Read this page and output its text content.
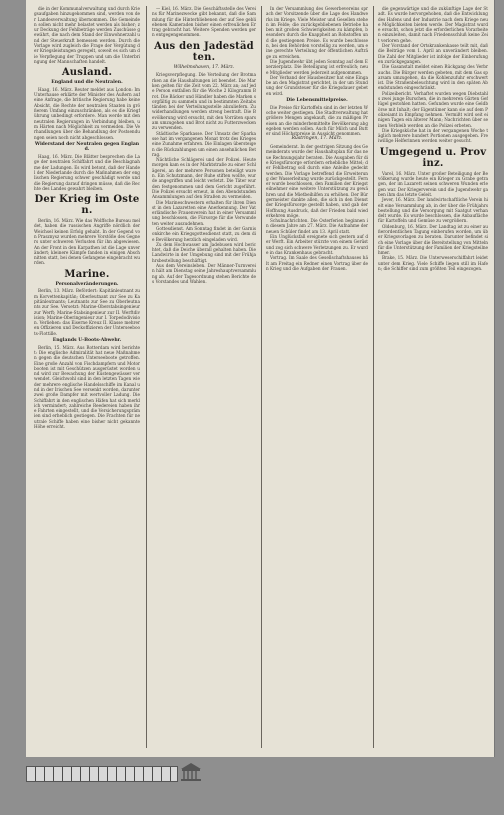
die in der Kommunalverwaltung und durch Kriegsaufgaben hinzugekommen sind, werden von der Landesverwaltung übernommen. Die Gemeinden sollen nicht mehr belastet werden als bisher; zur Deckung der Fehlbeträge werden Zuschüsse gewährt, die nach dem Stand der Einwohnerzahl und der Steuerkraft bemessen werden. Durch die Vorlage wird zugleich die Frage der Vergütung der Kriegsleistungen geregelt, soweit es sich um die Verpflegung der Truppen und um die Unterbringung der Mannschaften handelt.

Ausland.
England und die Neutralen.

Haag, 16. März. Reuter meldet aus London: Im Unterhause erklärte der Minister des Äußern auf eine Anfrage, die britische Regierung habe keine Absicht, die Rechte der neutralen Staaten in größerem Umfang einzuschränken, als es die Kriegführung unbedingt erfordere. Man werde mit den neutralen Regierungen in Verbindung bleiben, um Härten nach Möglichkeit zu vermeiden. Die Verhandlungen über die Behandlung der Postsendungen seien noch nicht abgeschlossen.

Widerstand der Neutralen gegen England.

Haag, 16. März. Die Blätter besprechen die Lage der neutralen Schiffahrt und die Beschlagnahme der Ladungen. Es wird betont, daß der Handel der Niederlande durch die Maßnahmen der englischen Regierung schwer geschädigt werde und die Regierung darauf dringen müsse, daß die Rechte des Landes gewahrt bleiben.

Der Krieg im Osten.

Berlin, 16. März. Wie das Wolffsche Bureau meldet, haben die russischen Angriffe nördlich der Weichsel keinen Erfolg gehabt. In der Gegend von Prasznysz wurden mehrere Vorstöße des Gegners unter schweren Verlusten für ihn abgewiesen. An der Front in den Karpathen ist die Lage unverändert; kleinere Kämpfe fanden in einigen Abschnitten statt, bei denen Gefangene eingebracht wurden.

Marine.
Personalveränderungen.

Berlin, 13. März. Befördert: Kapitänleutnant zum Korvettenkapitän; Oberleutnant zur See zu Kapitänleutnants; Leutnants zur See zu Oberleutnants zur See. Versetzt: Marine-Oberstabsingenieur zur Werft; Marine-Stabsingenieur zur II. Werftdivision; Marine-Oberingenieur zur I. Torpedodivision. Verliehen: das Eiserne Kreuz II. Klasse mehreren Offizieren und Deckoffizieren der Unterseeboots-Flottille.

Englands U-Boots-Abwehr.

Berlin, 15. März. Aus Rotterdam wird berichtet: Die englische Admiralität hat neue Maßnahmen gegen die deutschen Unterseeboote getroffen. Eine große Anzahl von Fischdampfern und Motorbooten ist mit Geschützen ausgerüstet worden und wird zur Bewachung der Küstengewässer verwendet. Gleichwohl sind in den letzten Tagen wieder mehrere englische Handelsschiffe im Kanal und in der Irischen See versenkt worden, darunter zwei große Dampfer mit wertvoller Ladung. Die Schiffahrt in den englischen Häfen hat sich merklich vermindert; zahlreiche Reedereien haben ihre Fahrten eingestellt, und die Versicherungsprämien sind erheblich gestiegen. Die Frachten für neutrale Schiffe haben eine bisher nicht gekannte Höhe erreicht.

— Kiel, 16. März. Die Geschäftsstelle des Vereins für Marinezwecke gibt bekannt, daß die Sammlung für die Hinterbliebenen der auf See gebliebenen Kameraden bisher einen erfreulichen Ertrag gebracht hat. Weitere Spenden werden gern entgegengenommen.

Aus den Jadestädten.
Wilhelmshaven, 17. März.

Kriegsverpflegung. Die Verteilung der Brotmarken an die Haushaltungen ist beendet. Die Marken gelten für die Zeit vom 22. März an; auf jede Person entfallen für die Woche 2 Kilogramm Brot. Die Bäcker und Händler haben die Marken sorgfältig zu sammeln und in bestimmten Zeitabständen bei der Verteilungsstelle abzuliefern. Zuwiderhandlungen werden streng bestraft. Die Bevölkerung wird ersucht, mit den Vorräten sparsam umzugehen und Brot nicht zu Futterzwecken zu verwenden.

Städtische Sparkasse. Der Umsatz der Sparkasse hat im vergangenen Monat trotz des Krieges eine Zunahme erfahren. Die Einlagen übersteigen die Rückzahlungen um einen ansehnlichen Betrag.

Nächtliche Schlägerei und der Polizei. Heute morgen kam es in der Marktstraße zu einer Schlägerei, an der mehrere Personen beteiligt waren. Ein Schutzmann, der Ruhe stiften wollte, wurde angegriffen und leicht verletzt. Die Täter wurden festgenommen und dem Gericht zugeführt. Die Polizei ersucht erneut, in den Abendstunden Ansammlungen auf den Straßen zu vermeiden.

Die Marineschwestern erhalten für ihren Dienst in den Lazaretten eine Anerkennung. Der Vaterländische Frauenverein hat in einer Versammlung beschlossen, die Fürsorge für die Verwundeten weiter auszudehnen.

Gottesdienst. Am Sonntag findet in der Garnisonkirche ein Kriegsgottesdienst statt, zu dem die Bevölkerung herzlich eingeladen wird.

Zu dem Hochwasser am Jadebusen wird berichtet, daß die Deiche überall gehalten haben. Die Landwirte in der Umgebung sind mit der Frühjahrsbestellung beschäftigt.

Aus dem Vereinsleben. Der Männer-Turnverein hält am Dienstag seine Jahreshauptversammlung ab. Auf der Tagesordnung stehen Berichte des Vorstandes und Wahlen.

In der Versammlung des Gewerbevereins sprach der Vorsitzende über die Lage des Handwerks im Kriege. Viele Meister und Gesellen stehen im Felde; die zurückgebliebenen Betriebe haben mit großen Schwierigkeiten zu kämpfen, besonders durch die Knappheit an Rohstoffen und die gestiegenen Preise. Es wurde beschlossen, bei den Behörden vorstellig zu werden, um eine gerechte Verteilung der öffentlichen Aufträge zu erreichen.

Die Jugendwehr übt jeden Sonntag auf dem Exerzierplatz. Die Beteiligung ist erfreulich; neue Mitglieder werden jederzeit aufgenommen.

Der Verband der Hausbesitzer hat eine Eingabe an den Magistrat gerichtet, in der um Stundung der Grundsteuer für die Kriegsdauer gebeten wird.

Die Lebensmittelpreise.

Die Preise für Kartoffeln sind in der letzten Woche weiter gestiegen. Die Stadtverwaltung hat größere Mengen angekauft, die zu mäßigen Preisen an die minderbemittelte Bevölkerung abgegeben werden sollen. Auch für Milch und Butter sind Höchstpreise in Aussicht genommen.

Rüstringen, 17. März.

Gemeinderat. In der gestrigen Sitzung des Gemeinderats wurde der Haushaltsplan für das neue Rechnungsjahr beraten. Die Ausgaben für die Kriegsfürsorge erfordern erhebliche Mittel; der Fehlbetrag soll durch eine Anleihe gedeckt werden. Die Vorlage betreffend die Erweiterung der Wasserleitung wurde zurückgestellt. Ferner wurde beschlossen, den Familien der Kriegsteilnehmer eine weitere Unterstützung zu gewähren und die Mietbeihilfen zu erhöhen. Der Bürgermeister dankte allen, die sich in den Dienst der Kriegsfürsorge gestellt haben, und gab der Hoffnung Ausdruck, daß der Frieden bald wiederkehren möge.

Schulnachrichten. Die Osterferien beginnen in diesem Jahre am 27. März. Die Aufnahme der neuen Schüler findet am 13. April statt.

Ein Unglücksfall ereignete sich gestern auf der Werft. Ein Arbeiter stürzte von einem Gerüst und zog sich schwere Verletzungen zu. Er wurde in das Krankenhaus gebracht.

Vortrag. Im Saale des Gesellschaftshauses hält am Freitag ein Redner einen Vortrag über den Krieg und die Aufgaben der Frauen.

die gegenwärtige und die zukünftige Lage der Stadt. Es wurde hervorgehoben, daß die Entwicklung des Hafens und der Industrie nach dem Kriege neue Möglichkeiten bieten werde. Der Magistrat wurde ersucht, schon jetzt die erforderlichen Vorarbeiten einzuleiten, damit nach Friedensschluß keine Zeit verloren gehe.

Der Vorstand der Ortskrankenkasse teilt mit, daß die Beiträge vom 1. April an unverändert bleiben. Die Zahl der Mitglieder ist infolge der Einberufungen zurückgegangen.

Die Gasanstalt meldet einen Rückgang des Verbrauchs. Die Bürger werden gebeten, mit dem Gas sparsam umzugehen, da die Kohlenzufuhr erschwert ist. Die Straßenbeleuchtung wird in den späten Abendstunden eingeschränkt.

Polizeibericht. Verhaftet wurden wegen Diebstahls zwei junge Burschen, die in mehreren Gärten Geflügel gestohlen hatten. Gefunden wurde eine Geldbörse mit Inhalt; der Eigentümer kann sie auf dem Polizeiamt in Empfang nehmen. Vermißt wird seit einigen Tagen ein älterer Mann; Nachrichten über seinen Verbleib werden an die Polizei erbeten.

Die Kriegsküche hat in der vergangenen Woche täglich mehrere hundert Portionen ausgegeben. Freiwillige Helferinnen werden weiter gesucht.

Umgegend u. Provinz.

Varel, 16. März. Unter großer Beteiligung der Bevölkerung wurde heute ein Krieger zu Grabe getragen, der im Lazarett seinen schweren Wunden erlegen war. Der Kriegerverein und die Jugendwehr gaben ihm das letzte Geleit.

Jever, 16. März. Der landwirtschaftliche Verein hielt eine Versammlung ab, in der über die Frühjahrsbestellung und die Versorgung mit Saatgut verhandelt wurde. Es wurde beschlossen, die Anbaufläche für Kartoffeln und Gemüse zu vergrößern.

Oldenburg, 16. März. Der Landtag ist zu einer außerordentlichen Tagung einberufen worden, um über Kriegsvorlagen zu beraten. Darunter befindet sich eine Vorlage über die Bereitstellung von Mitteln für die Unterstützung der Familien der Kriegsteilnehmer.

Brake, 15. März. Die Unterweserschiffahrt leidet unter dem Krieg. Viele Schiffe liegen still im Hafen; die Schiffer sind zum größten Teil eingezogen.
